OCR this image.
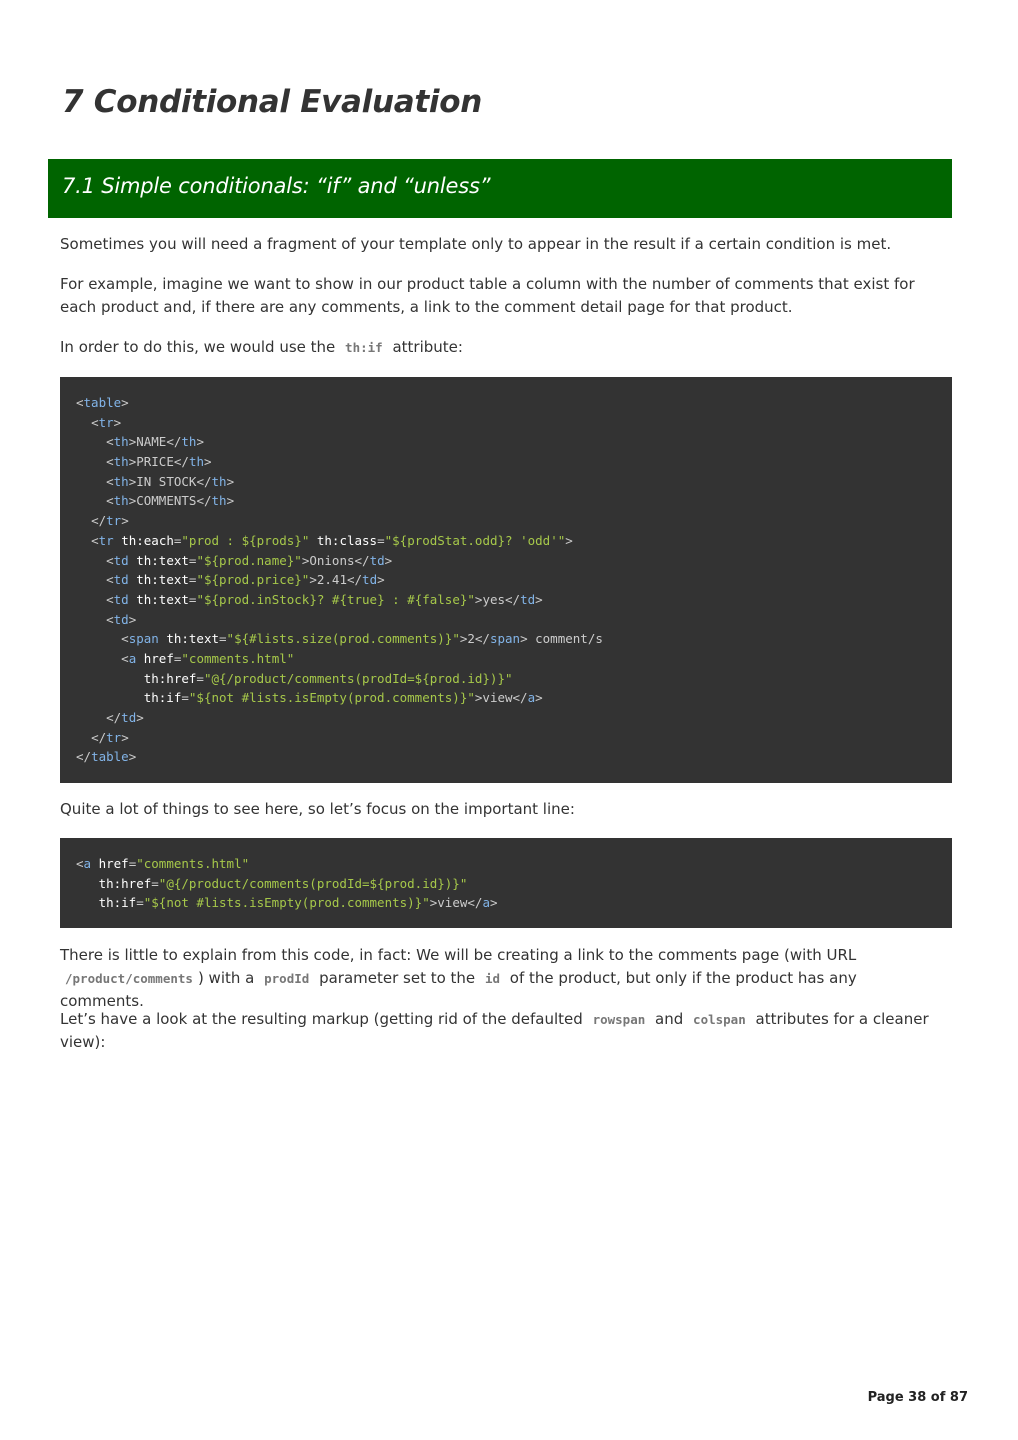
7 Conditional Evaluation
7.1 Simple conditionals: “if” and “unless”

Sometimes you will need a fragment of your template only to appear in the result if a certain condition is met.

For example, imagine we want to show in our product table a column with the number of comments that exist for each product and, if there are any comments, a link to the comment detail page for that product.

In order to do this, we would use the th:if attribute:

<table>
<tr>
<th>NAME</th>
<th>PRICE</th>
<th>IN STOCK</th>
<th>COMMENTS</th>
</tr>
<tr th:each="prod : ${prods}" th:class="${prodStat.odd}? 'odd'">
<td th:text="${prod.name}">Onions</td>
<td th:text="${prod.price}">2.41</td>
<td th:text="${prod.inStock}? #{true} : #{false}">yes</td>
<td>
<span th:text="${#lists.size(prod.comments)}">2</span> comment/s
<a href="comments.html"
th:href="@{/product/comments(prodId=${prod.id})}"
th:if="${not #lists.isEmpty(prod.comments)}">view</a>
</td>
</tr>
</table>

Quite a lot of things to see here, so let’s focus on the important line:

<a href="comments.html"
th:href="@{/product/comments(prodId=${prod.id})}"
th:if="${not #lists.isEmpty(prod.comments)}">view</a>

There is little to explain from this code, in fact: We will be creating a link to the comments page (with URL
/product/comments ) with a prodId parameter set to the id of the product, but only if the product has any comments.

Let’s have a look at the resulting markup (getting rid of the defaulted rowspan and colspan attributes for a cleaner view):

Page 38 of 87
